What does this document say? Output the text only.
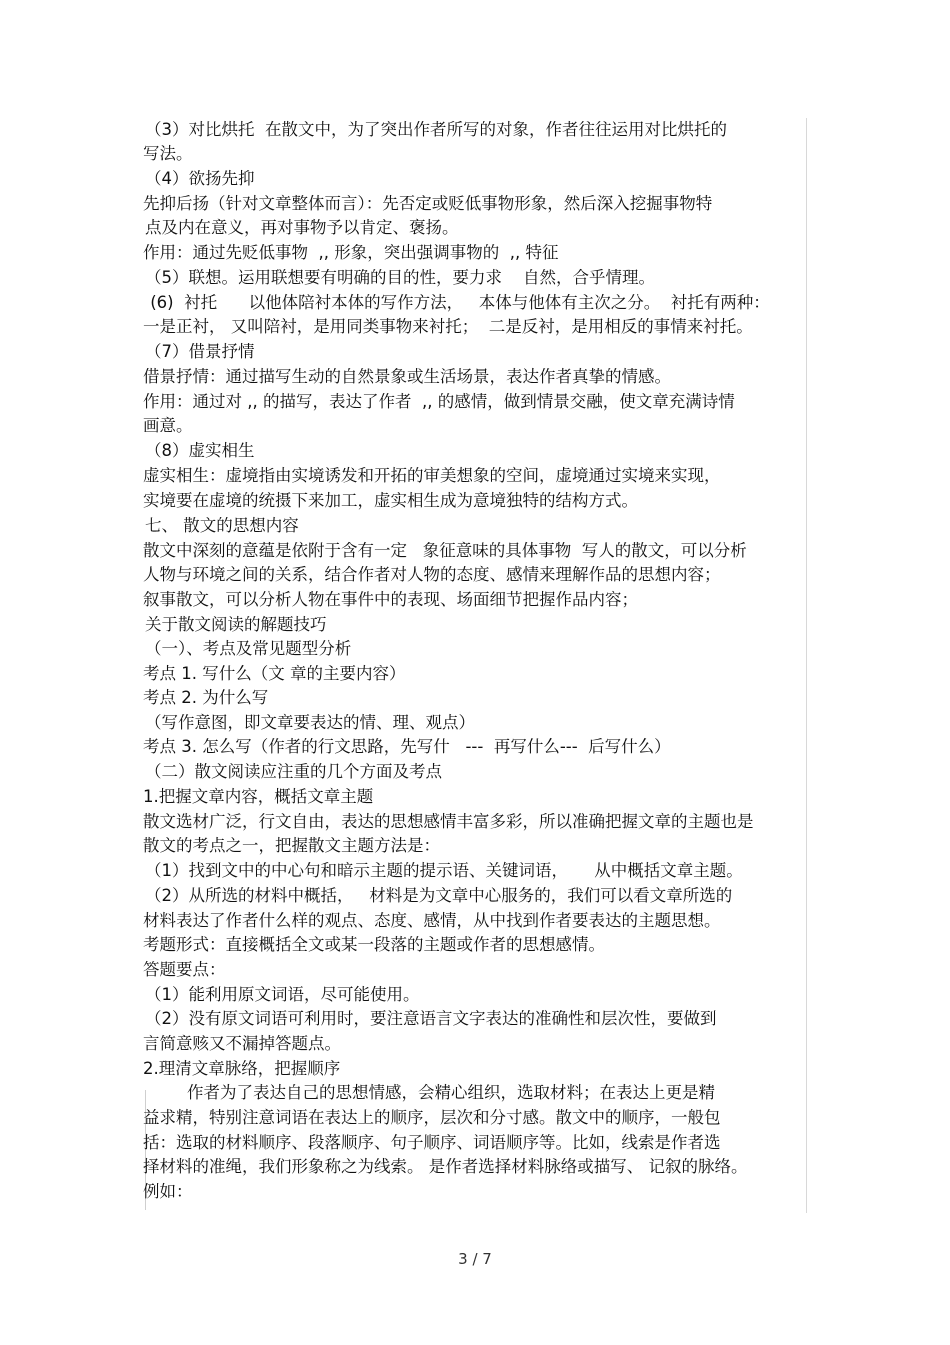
（3）对比烘托  在散文中，为了突出作者所写的对象，作者往往运用对比烘托的
写法。
（4）欲扬先抑
先抑后扬（针对文章整体而言）：先否定或贬低事物形象，然后深入挖掘事物特
点及内在意义，再对事物予以肯定、褒扬。
作用：通过先贬低事物  ,, 形象，突出强调事物的  ,, 特征
（5）联想。运用联想要有明确的目的性，要力求    自然，合乎情理。
(6)  衬托      以他体陪衬本体的写作方法，   本体与他体有主次之分。  衬托有两种：
一是正衬， 又叫陪衬，是用同类事物来衬托；  二是反衬，是用相反的事情来衬托。
（7）借景抒情
借景抒情：通过描写生动的自然景象或生活场景，表达作者真挚的情感。
作用：通过对 ,, 的描写，表达了作者  ,, 的感情，做到情景交融，使文章充满诗情
画意。
（8）虚实相生
虚实相生：虚境指由实境诱发和开拓的审美想象的空间，虚境通过实境来实现，
实境要在虚境的统摄下来加工，虚实相生成为意境独特的结构方式。
七、 散文的思想内容
散文中深刻的意蕴是依附于含有一定   象征意味的具体事物  写人的散文，可以分析
人物与环境之间的关系，结合作者对人物的态度、感情来理解作品的思想内容；
叙事散文，可以分析人物在事件中的表现、场面细节把握作品内容；
关于散文阅读的解题技巧
（一）、考点及常见题型分析
考点 1. 写什么（文 章的主要内容）
考点 2. 为什么写
（写作意图，即文章要表达的情、理、观点）
考点 3. 怎么写（作者的行文思路，先写什   ---  再写什么---  后写什么）
（二）散文阅读应注重的几个方面及考点
1.把握文章内容，概括文章主题
散文选材广泛，行文自由，表达的思想感情丰富多彩，所以准确把握文章的主题也是
散文的考点之一，把握散文主题方法是：
（1）找到文中的中心句和暗示主题的提示语、关键词语，     从中概括文章主题。
（2）从所选的材料中概括，   材料是为文章中心服务的，我们可以看文章所选的
材料表达了作者什么样的观点、态度、感情，从中找到作者要表达的主题思想。
考题形式：直接概括全文或某一段落的主题或作者的思想感情。
答题要点：
（1）能利用原文词语，尽可能使用。
（2）没有原文词语可利用时，要注意语言文字表达的准确性和层次性，要做到
言简意赅又不漏掉答题点。
2.理清文章脉络，把握顺序
作者为了表达自己的思想情感，会精心组织，选取材料；在表达上更是精
益求精，特别注意词语在表达上的顺序，层次和分寸感。散文中的顺序，一般包
括：选取的材料顺序、段落顺序、句子顺序、词语顺序等。比如，线索是作者选
择材料的准绳，我们形象称之为线索。 是作者选择材料脉络或描写、 记叙的脉络。
例如：
3 / 7
